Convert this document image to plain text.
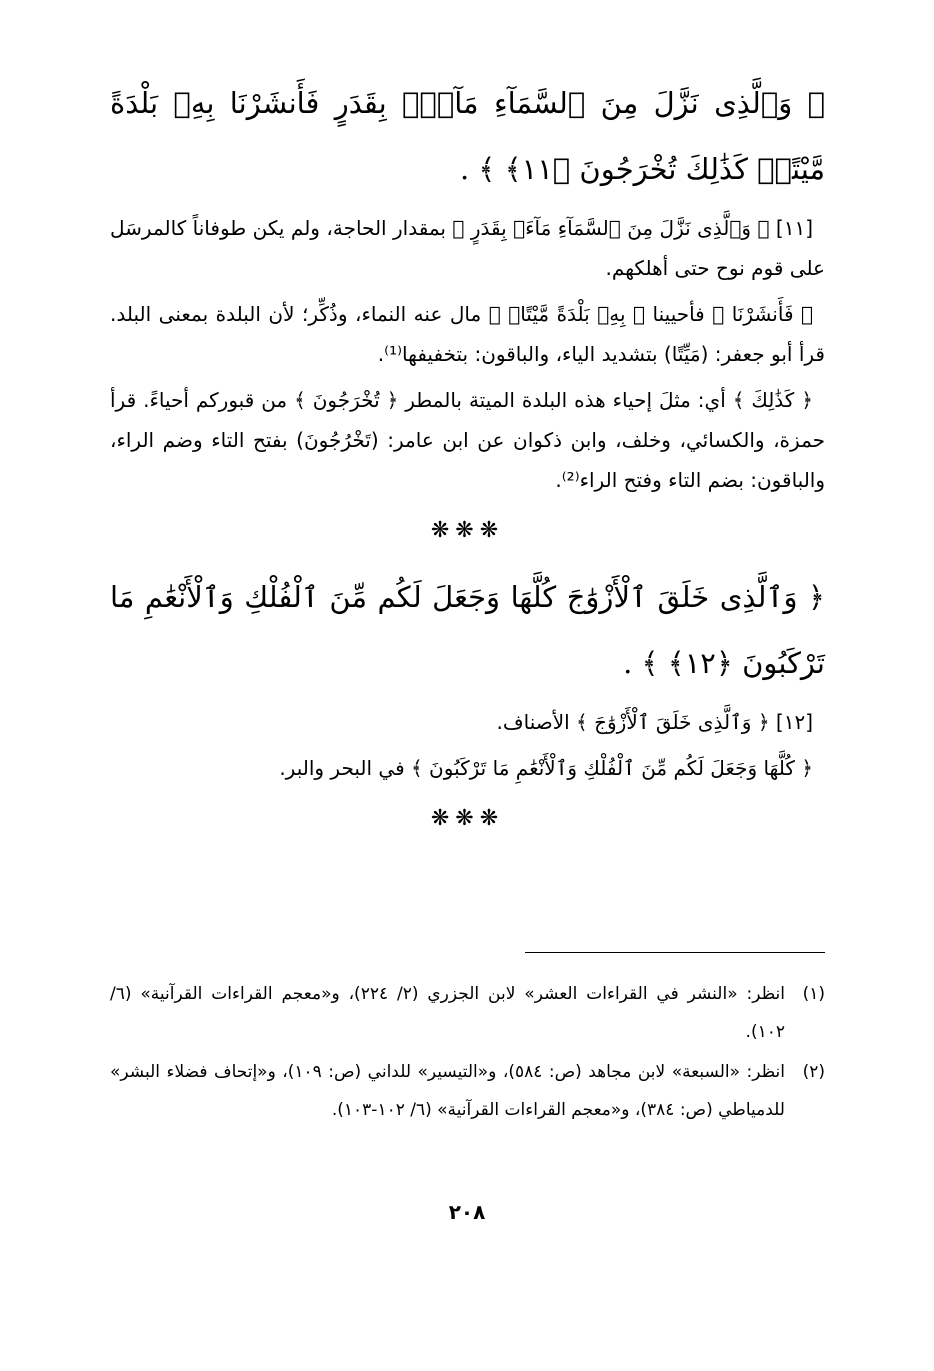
﴿ وَٱلَّذِى نَزَّلَ مِنَ ٱلسَّمَآءِ مَآءَۢ بِقَدَرٍ فَأَنشَرْنَا بِهِۦ بَلْدَةً مَّيْتًاۚ كَذَٰلِكَ تُخْرَجُونَ ﴿١١﴾ ﴾ .
[١١] ﴿ وَٱلَّذِى نَزَّلَ مِنَ ٱلسَّمَآءِ مَآءَۢ بِقَدَرٍ ﴾ بمقدار الحاجة، ولم يكن طوفاناً كالمرسَل على قوم نوح حتى أهلكهم.
﴿ فَأَنشَرْنَا ﴾ فأحيينا ﴿ بِهِۦ بَلْدَةً مَّيْتًاۚ ﴾ مال عنه النماء، وذُكِّر؛ لأن البلدة بمعنى البلد. قرأ أبو جعفر: (مَيِّتًا) بتشديد الياء، والباقون: بتخفيفها⁽¹⁾.
﴿ كَذَٰلِكَ ﴾ أي: مثلَ إحياء هذه البلدة الميتة بالمطر ﴿ تُخْرَجُونَ ﴾ من قبوركم أحياءً. قرأ حمزة، والكسائي، وخلف، وابن ذكوان عن ابن عامر: (تَخْرُجُونَ) بفتح التاء وضم الراء، والباقون: بضم التاء وفتح الراء⁽²⁾.
❋❋❋
﴿ وَٱلَّذِى خَلَقَ ٱلْأَزْوَٰجَ كُلَّهَا وَجَعَلَ لَكُم مِّنَ ٱلْفُلْكِ وَٱلْأَنْعَٰمِ مَا تَرْكَبُونَ ﴿١٢﴾ ﴾ .
[١٢] ﴿ وَٱلَّذِى خَلَقَ ٱلْأَزْوَٰجَ ﴾ الأصناف.
﴿ كُلَّهَا وَجَعَلَ لَكُم مِّنَ ٱلْفُلْكِ وَٱلْأَنْعَٰمِ مَا تَرْكَبُونَ ﴾ في البحر والبر.
❋❋❋
(١)
انظر: «النشر في القراءات العشر» لابن الجزري (٢/ ٢٢٤)، و«معجم القراءات القرآنية» (٦/ ١٠٢).
(٢)
انظر: «السبعة» لابن مجاهد (ص: ٥٨٤)، و«التيسير» للداني (ص: ١٠٩)، و«إتحاف فضلاء البشر» للدمياطي (ص: ٣٨٤)، و«معجم القراءات القرآنية» (٦/ ١٠٢-١٠٣).
٢٠٨
